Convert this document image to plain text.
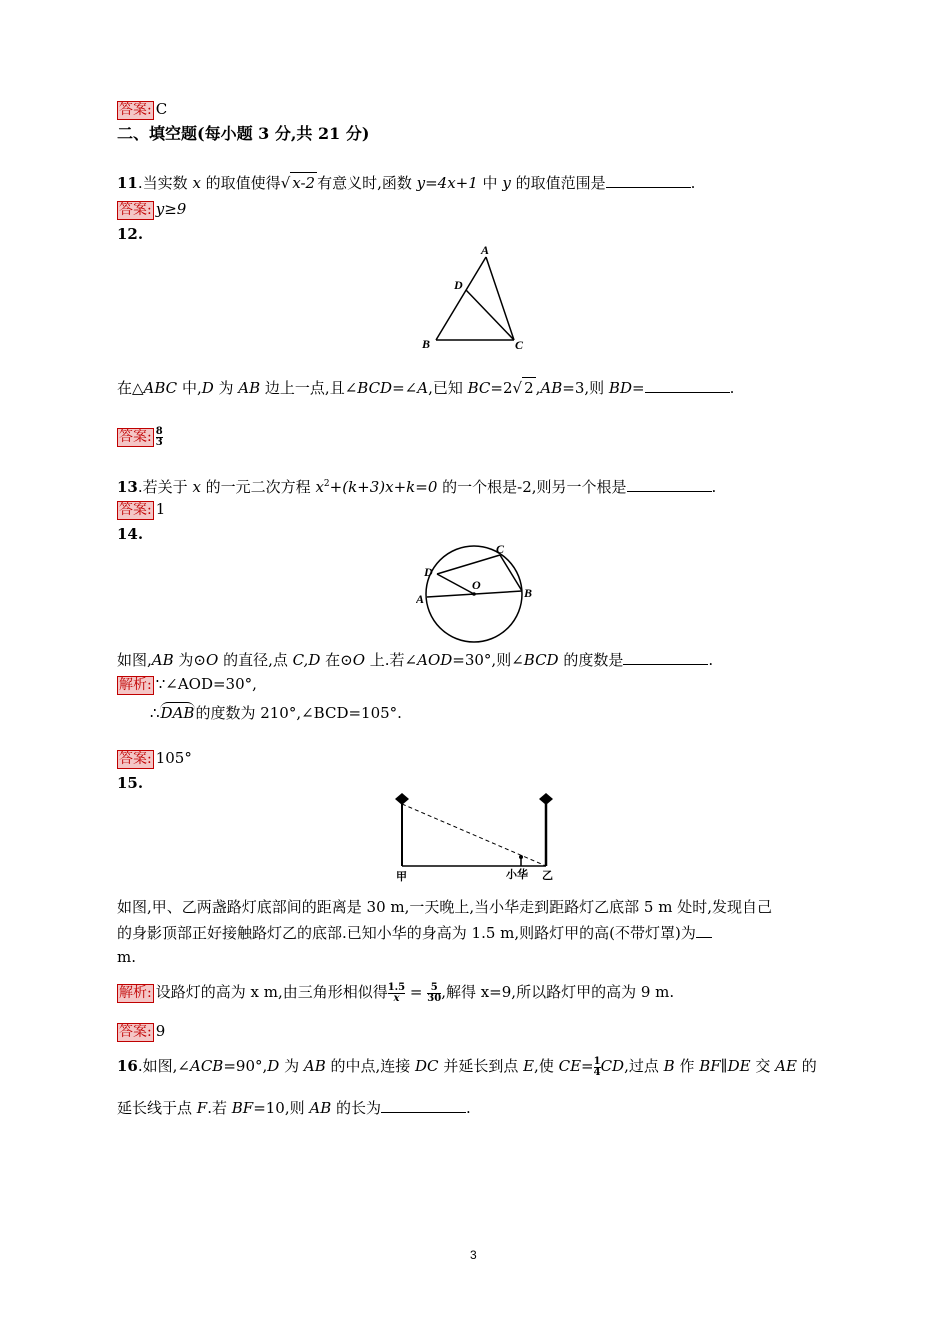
答案: C
二、填空题(每小题 3 分,共 21 分)
11.当实数 x 的取值使得√ x-2 有意义时,函数 y=4x+1 中 y 的取值范围是	.
答案: y≥9
12.
A
D
B	C
在△ABC 中,D 为 AB 边上一点,且∠BCD=∠A,已知 BC=2√ 2 ,AB=3,则 BD=	.
答案: $\frac{8}{3}$
13.若关于 x 的一元二次方程 $x^2+(k+3)x+k=0$ 的一个根是-2,则另一个根是	.
答案: 1
14.
A	B
C
D
O
如图,AB 为⊙O 的直径,点 C,D 在⊙O 上.若∠AOD=30°,则∠BCD 的度数是	.
解析: ∵∠AOD=30°,
∴DAB的度数为 210°,∠BCD=105°.
答案: 105°
15.
甲	小华 乙
如图,甲、乙两盏路灯底部间的距离是 30 m,一天晚上,当小华走到距路灯乙底部 5 m 处时,发现自己
的身影顶部正好接触路灯乙的底部.已知小华的身高为 1.5 m,则路灯甲的高(不带灯罩)为
m.
解析: 设路灯的高为 x m,由三角形相似得 $\frac{1.5}{x} = \frac{5}{30}$ ,解得 x=9,所以路灯甲的高为 9 m.
答案: 9
16.如图,∠ACB=90°,D 为 AB 的中点,连接 DC 并延长到点 E,使 $CE= \frac{1}{4}$ CD,过点 B 作 BF∥DE 交 AE 的
延长线于点 F.若 BF=10,则 AB 的长为	.
3
